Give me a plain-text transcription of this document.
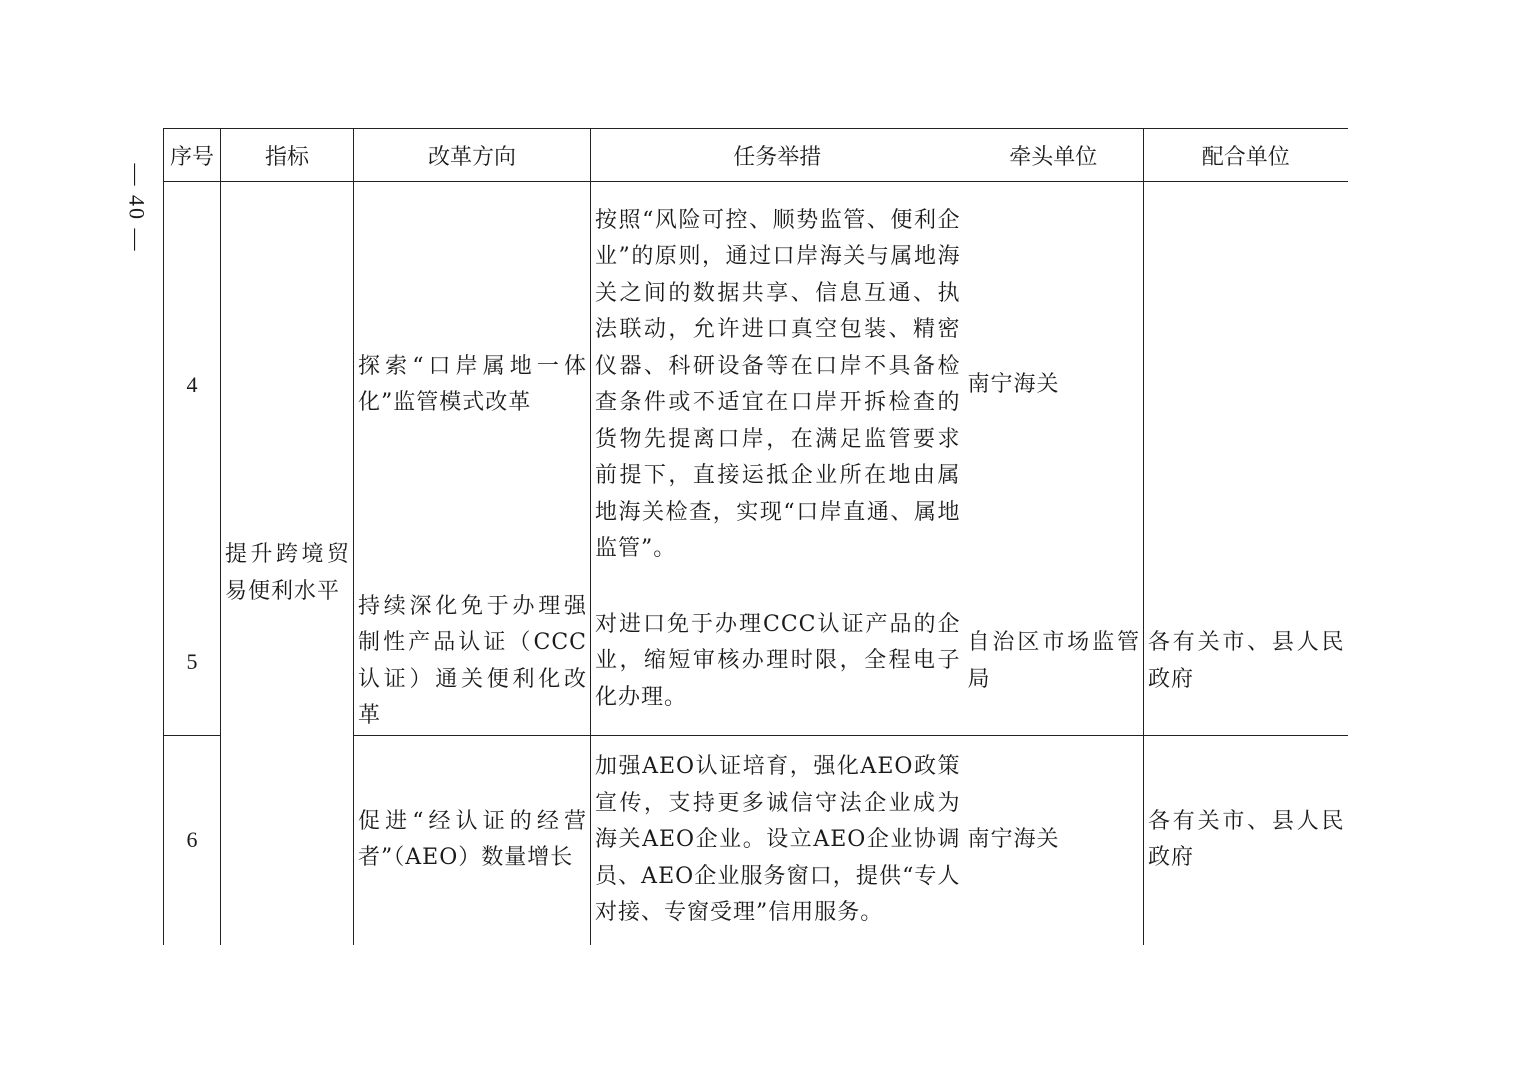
— 40 —
序号	指标	改革方向	任务举措	牵头单位	配合单位
4	提升跨境贸易便利水平	探索“口岸属地一体化”监管模式改革	按照“风险可控、顺势监管、便利企业”的原则，通过口岸海关与属地海关之间的数据共享、信息互通、执法联动，允许进口真空包装、精密仪器、科研设备等在口岸不具备检查条件或不适宜在口岸开拆检查的货物先提离口岸，在满足监管要求前提下，直接运抵企业所在地由属地海关检查，实现“口岸直通、属地监管”。	南宁海关	

5		持续深化免于办理强制性产品认证（CCC认证）通关便利化改革	对进口免于办理CCC认证产品的企业，缩短审核办理时限，全程电子化办理。	自治区市场监管局	各有关市、县人民政府

6		促进“经认证的经营者”（AEO）数量增长	加强AEO认证培育，强化AEO政策宣传，支持更多诚信守法企业成为海关AEO企业。设立AEO企业协调员、AEO企业服务窗口，提供“专人对接、专窗受理”信用服务。	南宁海关	各有关市、县人民政府
